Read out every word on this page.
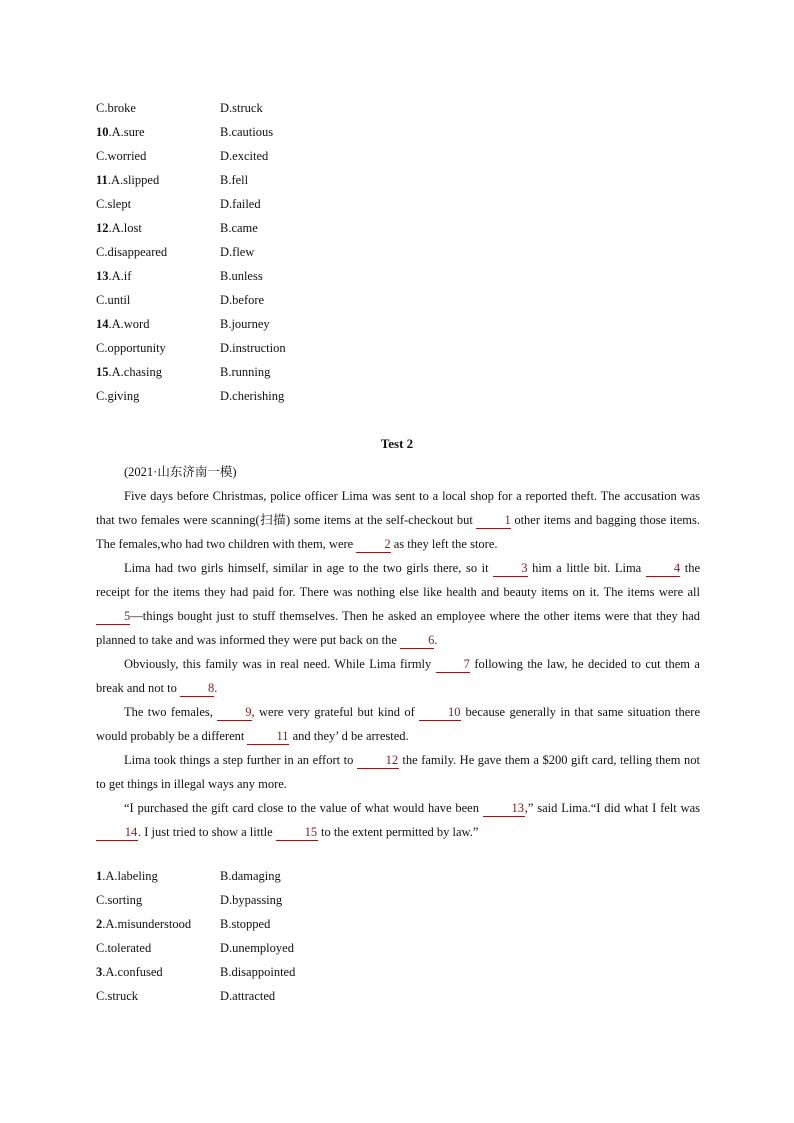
C.broke	D.struck
10.A.sure	B.cautious
C.worried	D.excited
11.A.slipped	B.fell
C.slept	D.failed
12.A.lost	B.came
C.disappeared	D.flew
13.A.if	B.unless
C.until	D.before
14.A.word	B.journey
C.opportunity	D.instruction
15.A.chasing	B.running
C.giving	D.cherishing
Test 2

(2021·山东济南一模)

Five days before Christmas, police officer Lima was sent to a local shop for a reported theft. The accusation was that two females were scanning(扫描) some items at the self-checkout but 1 other items and bagging those items. The females,who had two children with them, were 2 as they left the store.

Lima had two girls himself, similar in age to the two girls there, so it 3 him a little bit. Lima 4 the receipt for the items they had paid for. There was nothing else like health and beauty items on it. The items were all 5—things bought just to stuff themselves. Then he asked an employee where the other items were that they had planned to take and was informed they were put back on the 6.

Obviously, this family was in real need. While Lima firmly 7 following the law, he decided to cut them a break and not to 8.

The two females, 9, were very grateful but kind of 10 because generally in that same situation there would probably be a different 11 and they’ d be arrested.

Lima took things a step further in an effort to 12 the family. He gave them a $200 gift card, telling them not to get things in illegal ways any more.

“I purchased the gift card close to the value of what would have been 13,” said Lima.“I did what I felt was 14. I just tried to show a little 15 to the extent permitted by law.”

1.A.labeling	B.damaging
C.sorting	D.bypassing
2.A.misunderstood B.stopped
C.tolerated	D.unemployed
3.A.confused	B.disappointed
C.struck	D.attracted
